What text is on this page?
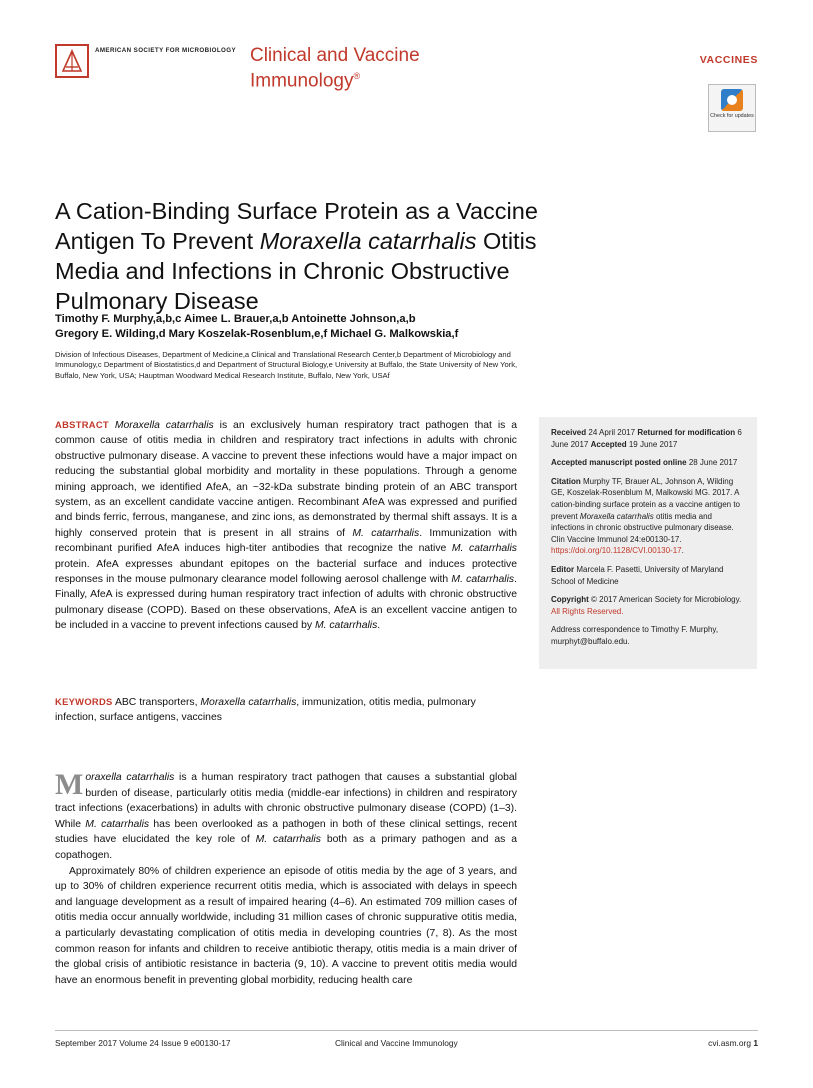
AMERICAN SOCIETY FOR MICROBIOLOGY Clinical and Vaccine
Immunology®
VACCINES
Check for updates
A Cation-Binding Surface Protein as a Vaccine Antigen To Prevent Moraxella catarrhalis Otitis Media and Infections in Chronic Obstructive Pulmonary Disease
Timothy F. Murphy,a,b,c Aimee L. Brauer,a,b Antoinette Johnson,a,b
Gregory E. Wilding,d Mary Koszelak-Rosenblum,e,f Michael G. Malkowskia,f
Division of Infectious Diseases, Department of Medicine,a Clinical and Translational Research Center,b Department of Microbiology and Immunology,c Department of Biostatistics,d and Department of Structural Biology,e University at Buffalo, the State University of New York, Buffalo, New York, USA; Hauptman Woodward Medical Research Institute, Buffalo, New York, USAf
ABSTRACT Moraxella catarrhalis is an exclusively human respiratory tract pathogen that is a common cause of otitis media in children and respiratory tract infections in adults with chronic obstructive pulmonary disease. A vaccine to prevent these infections would have a major impact on reducing the substantial global morbidity and mortality in these populations. Through a genome mining approach, we identified AfeA, an ~32-kDa substrate binding protein of an ABC transport system, as an excellent candidate vaccine antigen. Recombinant AfeA was expressed and purified and binds ferric, ferrous, manganese, and zinc ions, as demonstrated by thermal shift assays. It is a highly conserved protein that is present in all strains of M. catarrhalis. Immunization with recombinant purified AfeA induces high-titer antibodies that recognize the native M. catarrhalis protein. AfeA expresses abundant epitopes on the bacterial surface and induces protective responses in the mouse pulmonary clearance model following aerosol challenge with M. catarrhalis. Finally, AfeA is expressed during human respiratory tract infection of adults with chronic obstructive pulmonary disease (COPD). Based on these observations, AfeA is an excellent vaccine antigen to be included in a vaccine to prevent infections caused by M. catarrhalis.
KEYWORDS ABC transporters, Moraxella catarrhalis, immunization, otitis media, pulmonary infection, surface antigens, vaccines

Moraxella catarrhalis is a human respiratory tract pathogen that causes a substantial global burden of disease, particularly otitis media (middle-ear infections) in children and respiratory tract infections (exacerbations) in adults with chronic obstructive pulmonary disease (COPD) (1–3). While M. catarrhalis has been overlooked as a pathogen in both of these clinical settings, recent studies have elucidated the key role of M. catarrhalis both as a primary pathogen and as a copathogen.

Approximately 80% of children experience an episode of otitis media by the age of 3 years, and up to 30% of children experience recurrent otitis media, which is associated with delays in speech and language development as a result of impaired hearing (4–6). An estimated 709 million cases of otitis media occur annually worldwide, including 31 million cases of chronic suppurative otitis media, a particularly devastating complication of otitis media in developing countries (7, 8). As the most common reason for infants and children to receive antibiotic therapy, otitis media is a main driver of the global crisis of antibiotic resistance in bacteria (9, 10). A vaccine to prevent otitis media would have an enormous benefit in preventing global morbidity, reducing health care

Received 24 April 2017 Returned for modification 6 June 2017 Accepted 19 June 2017

Accepted manuscript posted online 28 June 2017

Citation Murphy TF, Brauer AL, Johnson A, Wilding GE, Koszelak-Rosenblum M, Malkowski MG. 2017. A cation-binding surface protein as a vaccine antigen to prevent Moraxella catarrhalis otitis media and infections in chronic obstructive pulmonary disease. Clin Vaccine Immunol 24:e00130-17. https://doi.org/10.1128/CVI.00130-17.

Editor Marcela F. Pasetti, University of Maryland School of Medicine

Copyright © 2017 American Society for Microbiology. All Rights Reserved.

Address correspondence to Timothy F. Murphy, murphyt@buffalo.edu.

September 2017 Volume 24 Issue 9 e00130-17	Clinical and Vaccine Immunology	cvi.asm.org 1
